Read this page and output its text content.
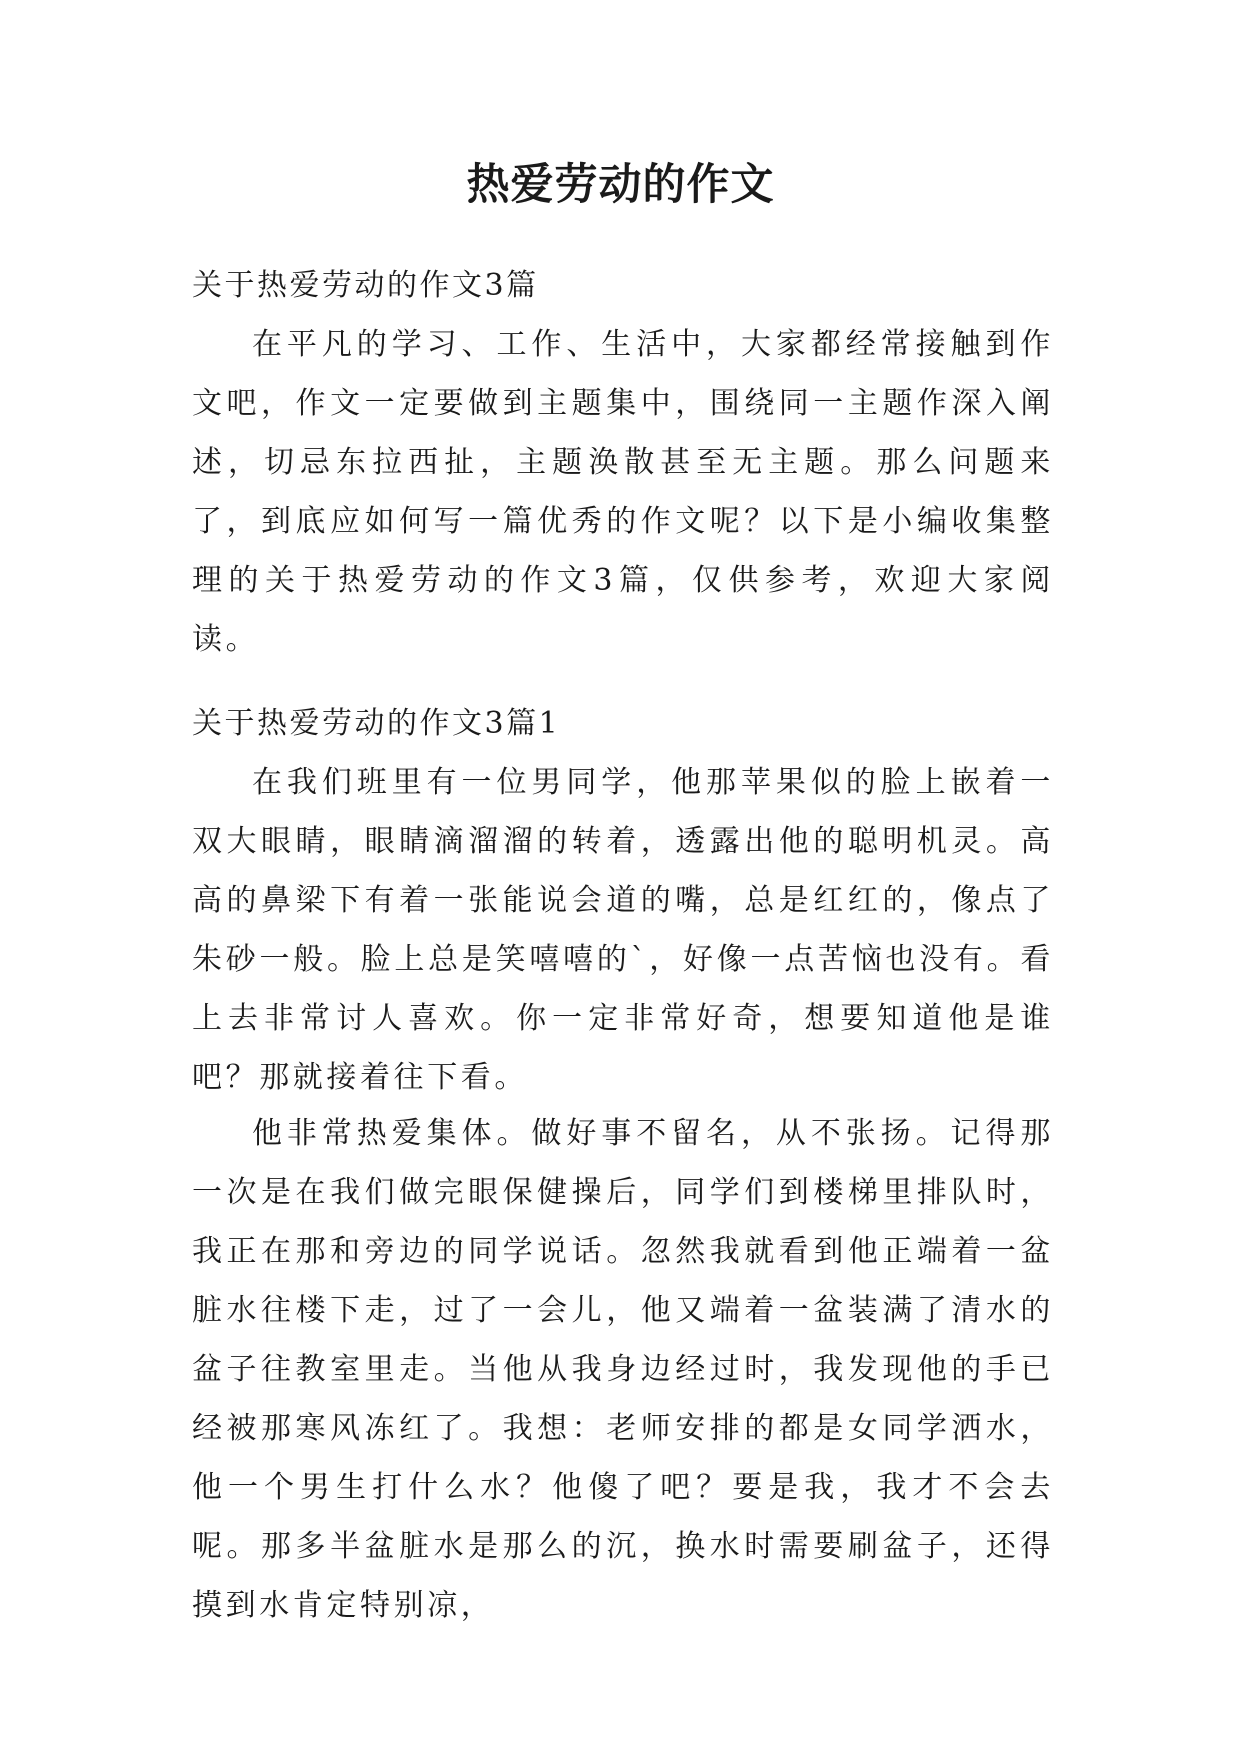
热爱劳动的作文

关于热爱劳动的作文3篇

在平凡的学习、工作、生活中，大家都经常接触到作文吧，作文一定要做到主题集中，围绕同一主题作深入阐述，切忌东拉西扯，主题涣散甚至无主题。那么问题来了，到底应如何写一篇优秀的作文呢？以下是小编收集整理的关于热爱劳动的作文3篇，仅供参考，欢迎大家阅读。

关于热爱劳动的作文3篇1

在我们班里有一位男同学，他那苹果似的脸上嵌着一双大眼睛，眼睛滴溜溜的转着，透露出他的聪明机灵。高高的鼻梁下有着一张能说会道的嘴，总是红红的，像点了朱砂一般。脸上总是笑嘻嘻的`，好像一点苦恼也没有。看上去非常讨人喜欢。你一定非常好奇，想要知道他是谁吧？那就接着往下看。

他非常热爱集体。做好事不留名，从不张扬。记得那一次是在我们做完眼保健操后，同学们到楼梯里排队时，我正在那和旁边的同学说话。忽然我就看到他正端着一盆脏水往楼下走，过了一会儿，他又端着一盆装满了清水的盆子往教室里走。当他从我身边经过时，我发现他的手已经被那寒风冻红了。我想：老师安排的都是女同学洒水，他一个男生打什么水？他傻了吧？要是我，我才不会去呢。那多半盆脏水是那么的沉，换水时需要刷盆子，还得摸到水肯定特别凉，
